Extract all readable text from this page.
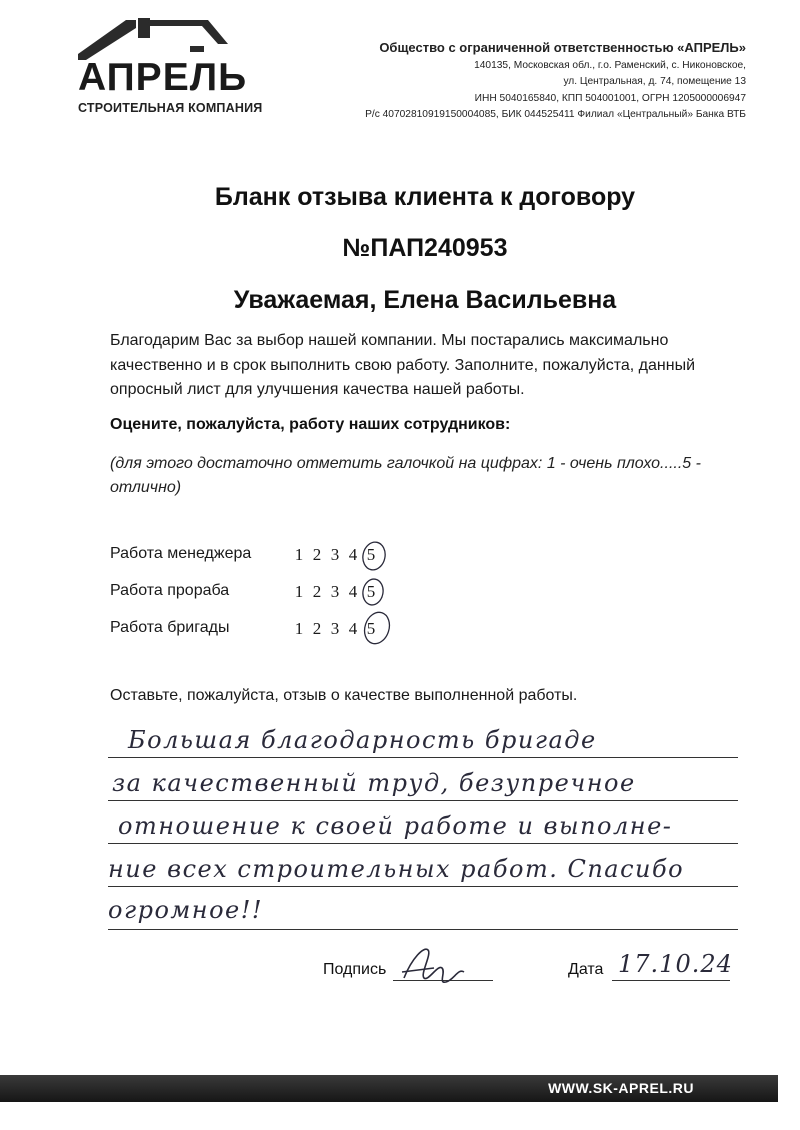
АПРЕЛЬ
СТРОИТЕЛЬНАЯ КОМПАНИЯ
Общество с ограниченной ответственностью «АПРЕЛЬ»
140135, Московская обл., г.о. Раменский, с. Никоновское,
ул. Центральная, д. 74, помещение 13
ИНН 5040165840, КПП 504001001, ОГРН 1205000006947
Р/с 40702810919150004085, БИК 044525411 Филиал «Центральный» Банка ВТБ
Бланк отзыва клиента к договору
№ПАП240953
Уважаемая, Елена Васильевна
Благодарим Вас за выбор нашей компании. Мы постарались максимально качественно и в срок выполнить свою работу. Заполните, пожалуйста, данный опросный лист для улучшения качества нашей работы.
Оцените, пожалуйста, работу наших сотрудников:
(для этого достаточно отметить галочкой на цифрах: 1 - очень плохо.....5 - отлично)
Работа менеджера	1 2 3 4 5
Работа прораба	1 2 3 4 5
Работа бригады	1 2 3 4 5
Оставьте, пожалуйста, отзыв о качестве выполненной работы.
Большая благодарность бригаде
за качественный труд, безупречное
отношение к своей работе и выполне-
ние всех строительных работ. Спасибо
огромное!!
Подпись	Дата 17.10.24
WWW.SK-APREL.RU
